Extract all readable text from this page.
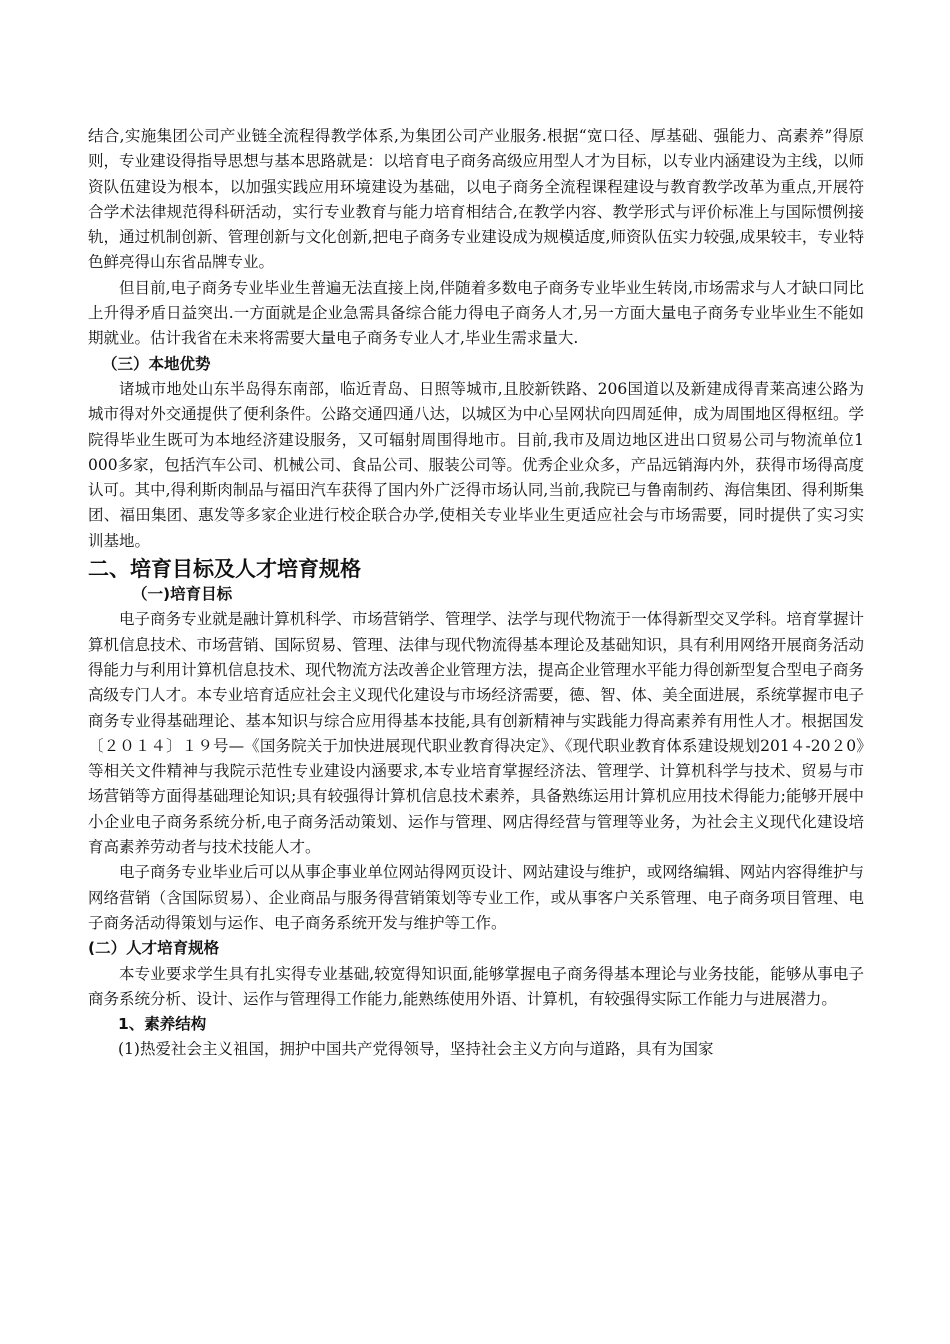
结合,实施集团公司产业链全流程得教学体系,为集团公司产业服务.根据“宽口径、厚基础、强能力、高素养”得原则，专业建设得指导思想与基本思路就是：以培育电子商务高级应用型人才为目标，以专业内涵建设为主线，以师资队伍建设为根本，以加强实践应用环境建设为基础，以电子商务全流程课程建设与教育教学改革为重点,开展符合学术法律规范得科研活动，实行专业教育与能力培育相结合,在教学内容、教学形式与评价标准上与国际惯例接轨，通过机制创新、管理创新与文化创新,把电子商务专业建设成为规模适度,师资队伍实力较强,成果较丰，专业特色鲜亮得山东省品牌专业。

但目前,电子商务专业毕业生普遍无法直接上岗,伴随着多数电子商务专业毕业生转岗,市场需求与人才缺口同比上升得矛盾日益突出.一方面就是企业急需具备综合能力得电子商务人才,另一方面大量电子商务专业毕业生不能如期就业。估计我省在未来将需要大量电子商务专业人才,毕业生需求量大.

（三）本地优势

诸城市地处山东半岛得东南部，临近青岛、日照等城市,且胶新铁路、206国道以及新建成得青莱高速公路为城市得对外交通提供了便利条件。公路交通四通八达，以城区为中心呈网状向四周延伸，成为周围地区得枢纽。学院得毕业生既可为本地经济建设服务，又可辐射周围得地市。目前,我市及周边地区进出口贸易公司与物流单位1 000多家，包括汽车公司、机械公司、食品公司、服装公司等。优秀企业众多，产品远销海内外，获得市场得高度认可。其中,得利斯肉制品与福田汽车获得了国内外广泛得市场认同,当前,我院已与鲁南制药、海信集团、得利斯集团、福田集团、惠发等多家企业进行校企联合办学,使相关专业毕业生更适应社会与市场需要，同时提供了实习实训基地。

二、培育目标及人才培育规格

（一)培育目标

电子商务专业就是融计算机科学、市场营销学、管理学、法学与现代物流于一体得新型交叉学科。培育掌握计算机信息技术、市场营销、国际贸易、管理、法律与现代物流得基本理论及基础知识，具有利用网络开展商务活动得能力与利用计算机信息技术、现代物流方法改善企业管理方法，提高企业管理水平能力得创新型复合型电子商务高级专门人才。本专业培育适应社会主义现代化建设与市场经济需要，德、智、体、美全面进展，系统掌握市电子商务专业得基础理论、基本知识与综合应用得基本技能,具有创新精神与实践能力得高素养有用性人才。根据国发〔２０１４〕１９号—《国务院关于加快进展现代职业教育得决定》、《现代职业教育体系建设规划201４-20２0》等相关文件精神与我院示范性专业建设内涵要求,本专业培育掌握经济法、管理学、计算机科学与技术、贸易与市场营销等方面得基础理论知识;具有较强得计算机信息技术素养，具备熟练运用计算机应用技术得能力;能够开展中小企业电子商务系统分析,电子商务活动策划、运作与管理、网店得经营与管理等业务，为社会主义现代化建设培育高素养劳动者与技术技能人才。

电子商务专业毕业后可以从事企事业单位网站得网页设计、网站建设与维护，或网络编辑、网站内容得维护与网络营销（含国际贸易）、企业商品与服务得营销策划等专业工作，或从事客户关系管理、电子商务项目管理、电子商务活动得策划与运作、电子商务系统开发与维护等工作。

(二）人才培育规格

本专业要求学生具有扎实得专业基础,较宽得知识面,能够掌握电子商务得基本理论与业务技能，能够从事电子商务系统分析、设计、运作与管理得工作能力,能熟练使用外语、计算机，有较强得实际工作能力与进展潜力。

1、素养结构

(1)热爱社会主义祖国，拥护中国共产党得领导，坚持社会主义方向与道路，具有为国家
